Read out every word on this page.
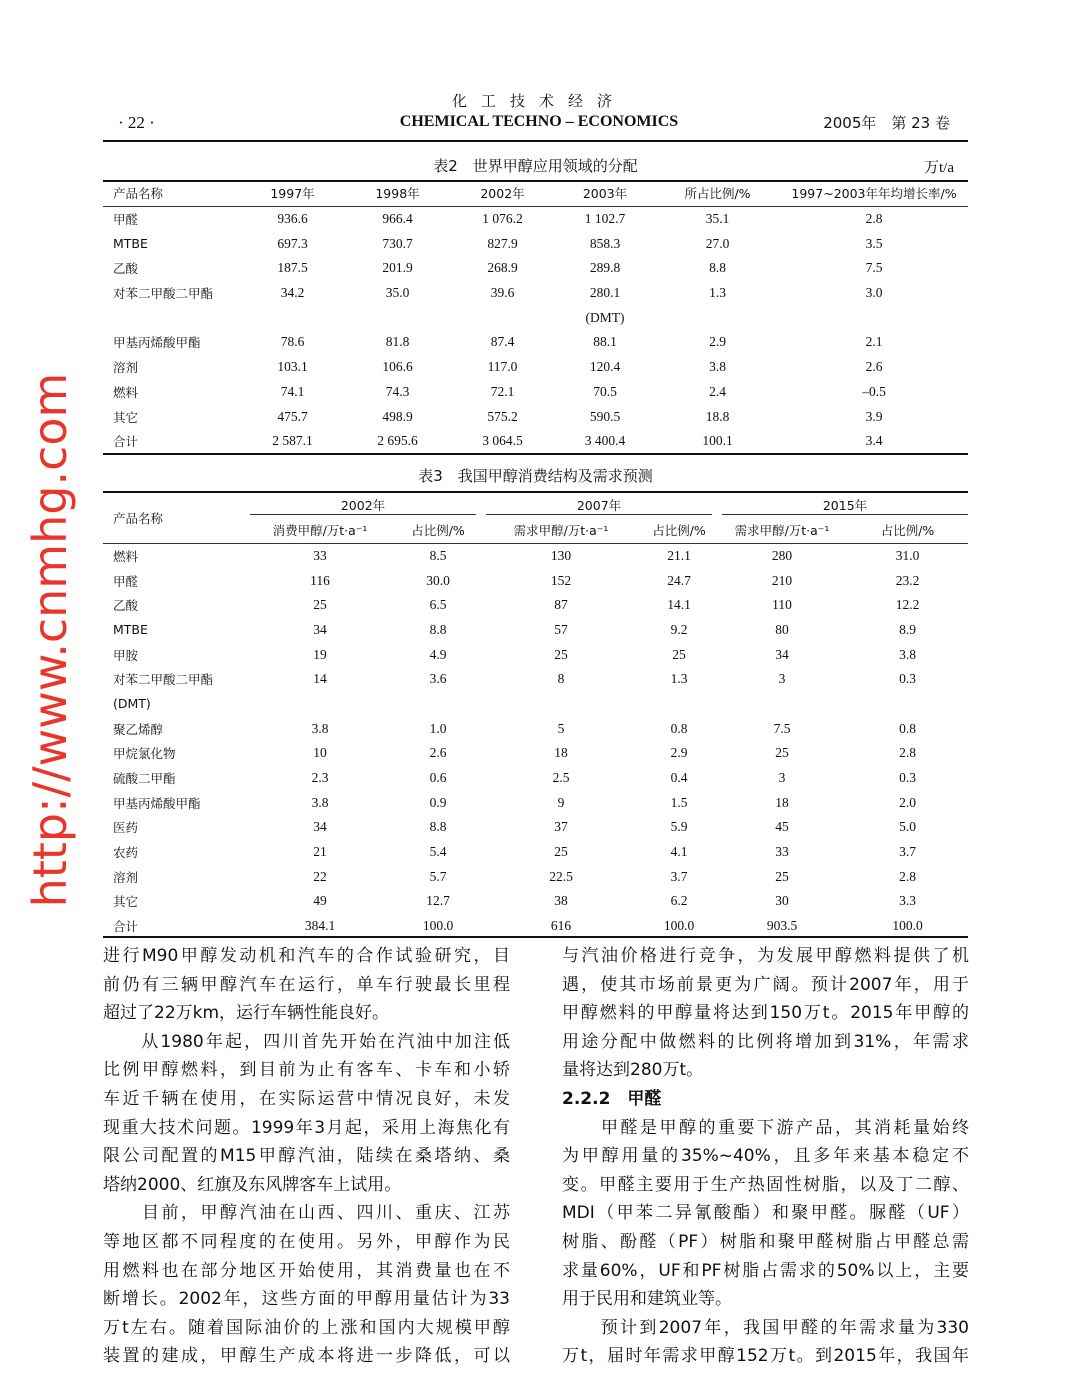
· 22 ·
化工技术经济
CHEMICAL TECHNO – ECONOMICS	2005年　第 23 卷
表2　世界甲醇应用领域的分配	万t/a
产品名称	1997年	1998年	2002年	2003年	所占比例/%	1997~2003年年均增长率/%
甲醛	936.6	966.4	1 076.2	1 102.7	35.1	2.8
MTBE	697.3	730.7	827.9	858.3	27.0	3.5
乙酸	187.5	201.9	268.9	289.8	8.8	7.5
对苯二甲酸二甲酯	34.2	35.0	39.6	280.1	1.3	3.0
				(DMT)		
甲基丙烯酸甲酯	78.6	81.8	87.4	88.1	2.9	2.1
溶剂	103.1	106.6	117.0	120.4	3.8	2.6
燃料	74.1	74.3	72.1	70.5	2.4	–0.5
其它	475.7	498.9	575.2	590.5	18.8	3.9
合计	2 587.1	2 695.6	3 064.5	3 400.4	100.1	3.4
表3　我国甲醇消费结构及需求预测
产品名称	2002年		2007年		2015年	

	消费甲醇/万t·a⁻¹	占比例/%	需求甲醇/万t·a⁻¹	占比例/%	需求甲醇/万t·a⁻¹	占比例/%
燃料	33	8.5	130	21.1	280	31.0
甲醛	116	30.0	152	24.7	210	23.2
乙酸	25	6.5	87	14.1	110	12.2
MTBE	34	8.8	57	9.2	80	8.9
甲胺	19	4.9	25	25	34	3.8
对苯二甲酸二甲酯	14	3.6	8	1.3	3	0.3
(DMT)						
聚乙烯醇	3.8	1.0	5	0.8	7.5	0.8
甲烷氯化物	10	2.6	18	2.9	25	2.8
硫酸二甲酯	2.3	0.6	2.5	0.4	3	0.3
甲基丙烯酸甲酯	3.8	0.9	9	1.5	18	2.0
医药	34	8.8	37	5.9	45	5.0
农药	21	5.4	25	4.1	33	3.7
溶剂	22	5.7	22.5	3.7	25	2.8
其它	49	12.7	38	6.2	30	3.3
合计	384.1	100.0	616	100.0	903.5	100.0
进行M90甲醇发动机和汽车的合作试验研究，目
前仍有三辆甲醇汽车在运行，单车行驶最长里程
超过了22万km，运行车辆性能良好。
　　从1980年起，四川首先开始在汽油中加注低
比例甲醇燃料，到目前为止有客车、卡车和小轿
车近千辆在使用，在实际运营中情况良好，未发
现重大技术问题。1999年3月起，采用上海焦化有
限公司配置的M15甲醇汽油，陆续在桑塔纳、桑
塔纳2000、红旗及东风牌客车上试用。
　　目前，甲醇汽油在山西、四川、重庆、江苏
等地区都不同程度的在使用。另外，甲醇作为民
用燃料也在部分地区开始使用，其消费量也在不
断增长。2002年，这些方面的甲醇用量估计为33
万t左右。随着国际油价的上涨和国内大规模甲醇
装置的建成，甲醇生产成本将进一步降低，可以
与汽油价格进行竞争，为发展甲醇燃料提供了机
遇，使其市场前景更为广阔。预计2007年，用于
甲醇燃料的甲醇量将达到150万t。2015年甲醇的
用途分配中做燃料的比例将增加到31%，年需求
量将达到280万t。
2.2.2　甲醛
　　甲醛是甲醇的重要下游产品，其消耗量始终
为甲醇用量的35%~40%，且多年来基本稳定不
变。甲醛主要用于生产热固性树脂，以及丁二醇、
MDI（甲苯二异氰酸酯）和聚甲醛。脲醛（UF）
树脂、酚醛（PF）树脂和聚甲醛树脂占甲醛总需
求量60%，UF和PF树脂占需求的50%以上，主要
用于民用和建筑业等。
　　预计到2007年，我国甲醛的年需求量为330
万t，届时年需求甲醇152万t。到2015年，我国年
http://www.cnmhg.com
